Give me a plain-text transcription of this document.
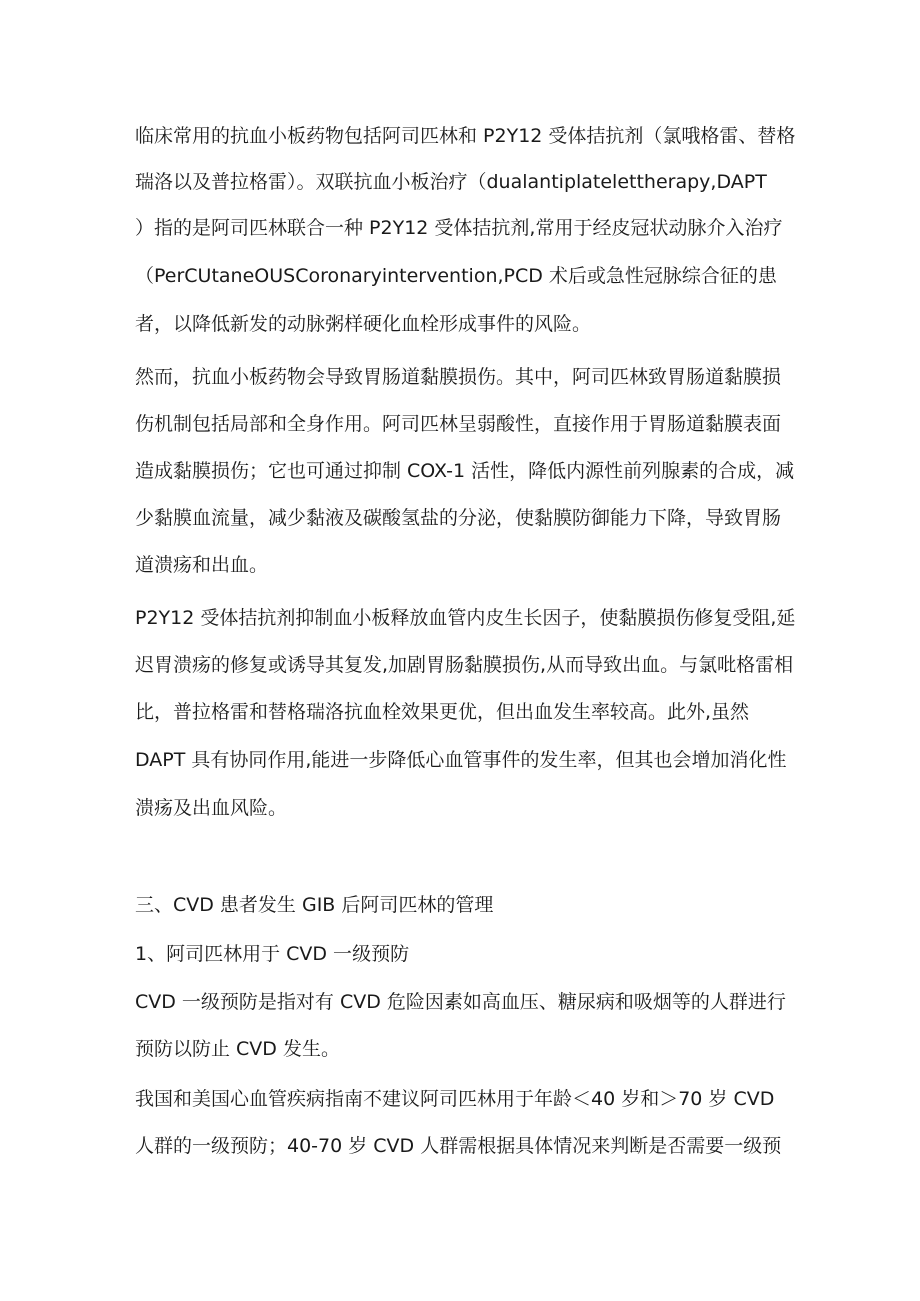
临床常用的抗血小板药物包括阿司匹林和 P2Y12 受体拮抗剂（氯哦格雷、替格
瑞洛以及普拉格雷）。双联抗血小板治疗（dualantiplatelettherapy,DAPT
）指的是阿司匹林联合一种 P2Y12 受体拮抗剂,常用于经皮冠状动脉介入治疗
（PerCUtaneOUSCoronaryintervention,PCD 术后或急性冠脉综合征的患
者，以降低新发的动脉粥样硬化血栓形成事件的风险。
然而，抗血小板药物会导致胃肠道黏膜损伤。其中，阿司匹林致胃肠道黏膜损
伤机制包括局部和全身作用。阿司匹林呈弱酸性，直接作用于胃肠道黏膜表面
造成黏膜损伤；它也可通过抑制 COX-1 活性，降低内源性前列腺素的合成，减
少黏膜血流量，减少黏液及碳酸氢盐的分泌，使黏膜防御能力下降，导致胃肠
道溃疡和出血。
P2Y12 受体拮抗剂抑制血小板释放血管内皮生长因子，使黏膜损伤修复受阻,延
迟胃溃疡的修复或诱导其复发,加剧胃肠黏膜损伤,从而导致出血。与氯吡格雷相
比，普拉格雷和替格瑞洛抗血栓效果更优，但出血发生率较高。此外,虽然
DAPT 具有协同作用,能进一步降低心血管事件的发生率，但其也会增加消化性
溃疡及出血风险。
三、CVD 患者发生 GIB 后阿司匹林的管理
1、阿司匹林用于 CVD 一级预防
CVD 一级预防是指对有 CVD 危险因素如高血压、糖尿病和吸烟等的人群进行
预防以防止 CVD 发生。
我国和美国心血管疾病指南不建议阿司匹林用于年龄＜40 岁和＞70 岁 CVD
人群的一级预防；40-70 岁 CVD 人群需根据具体情况来判断是否需要一级预
